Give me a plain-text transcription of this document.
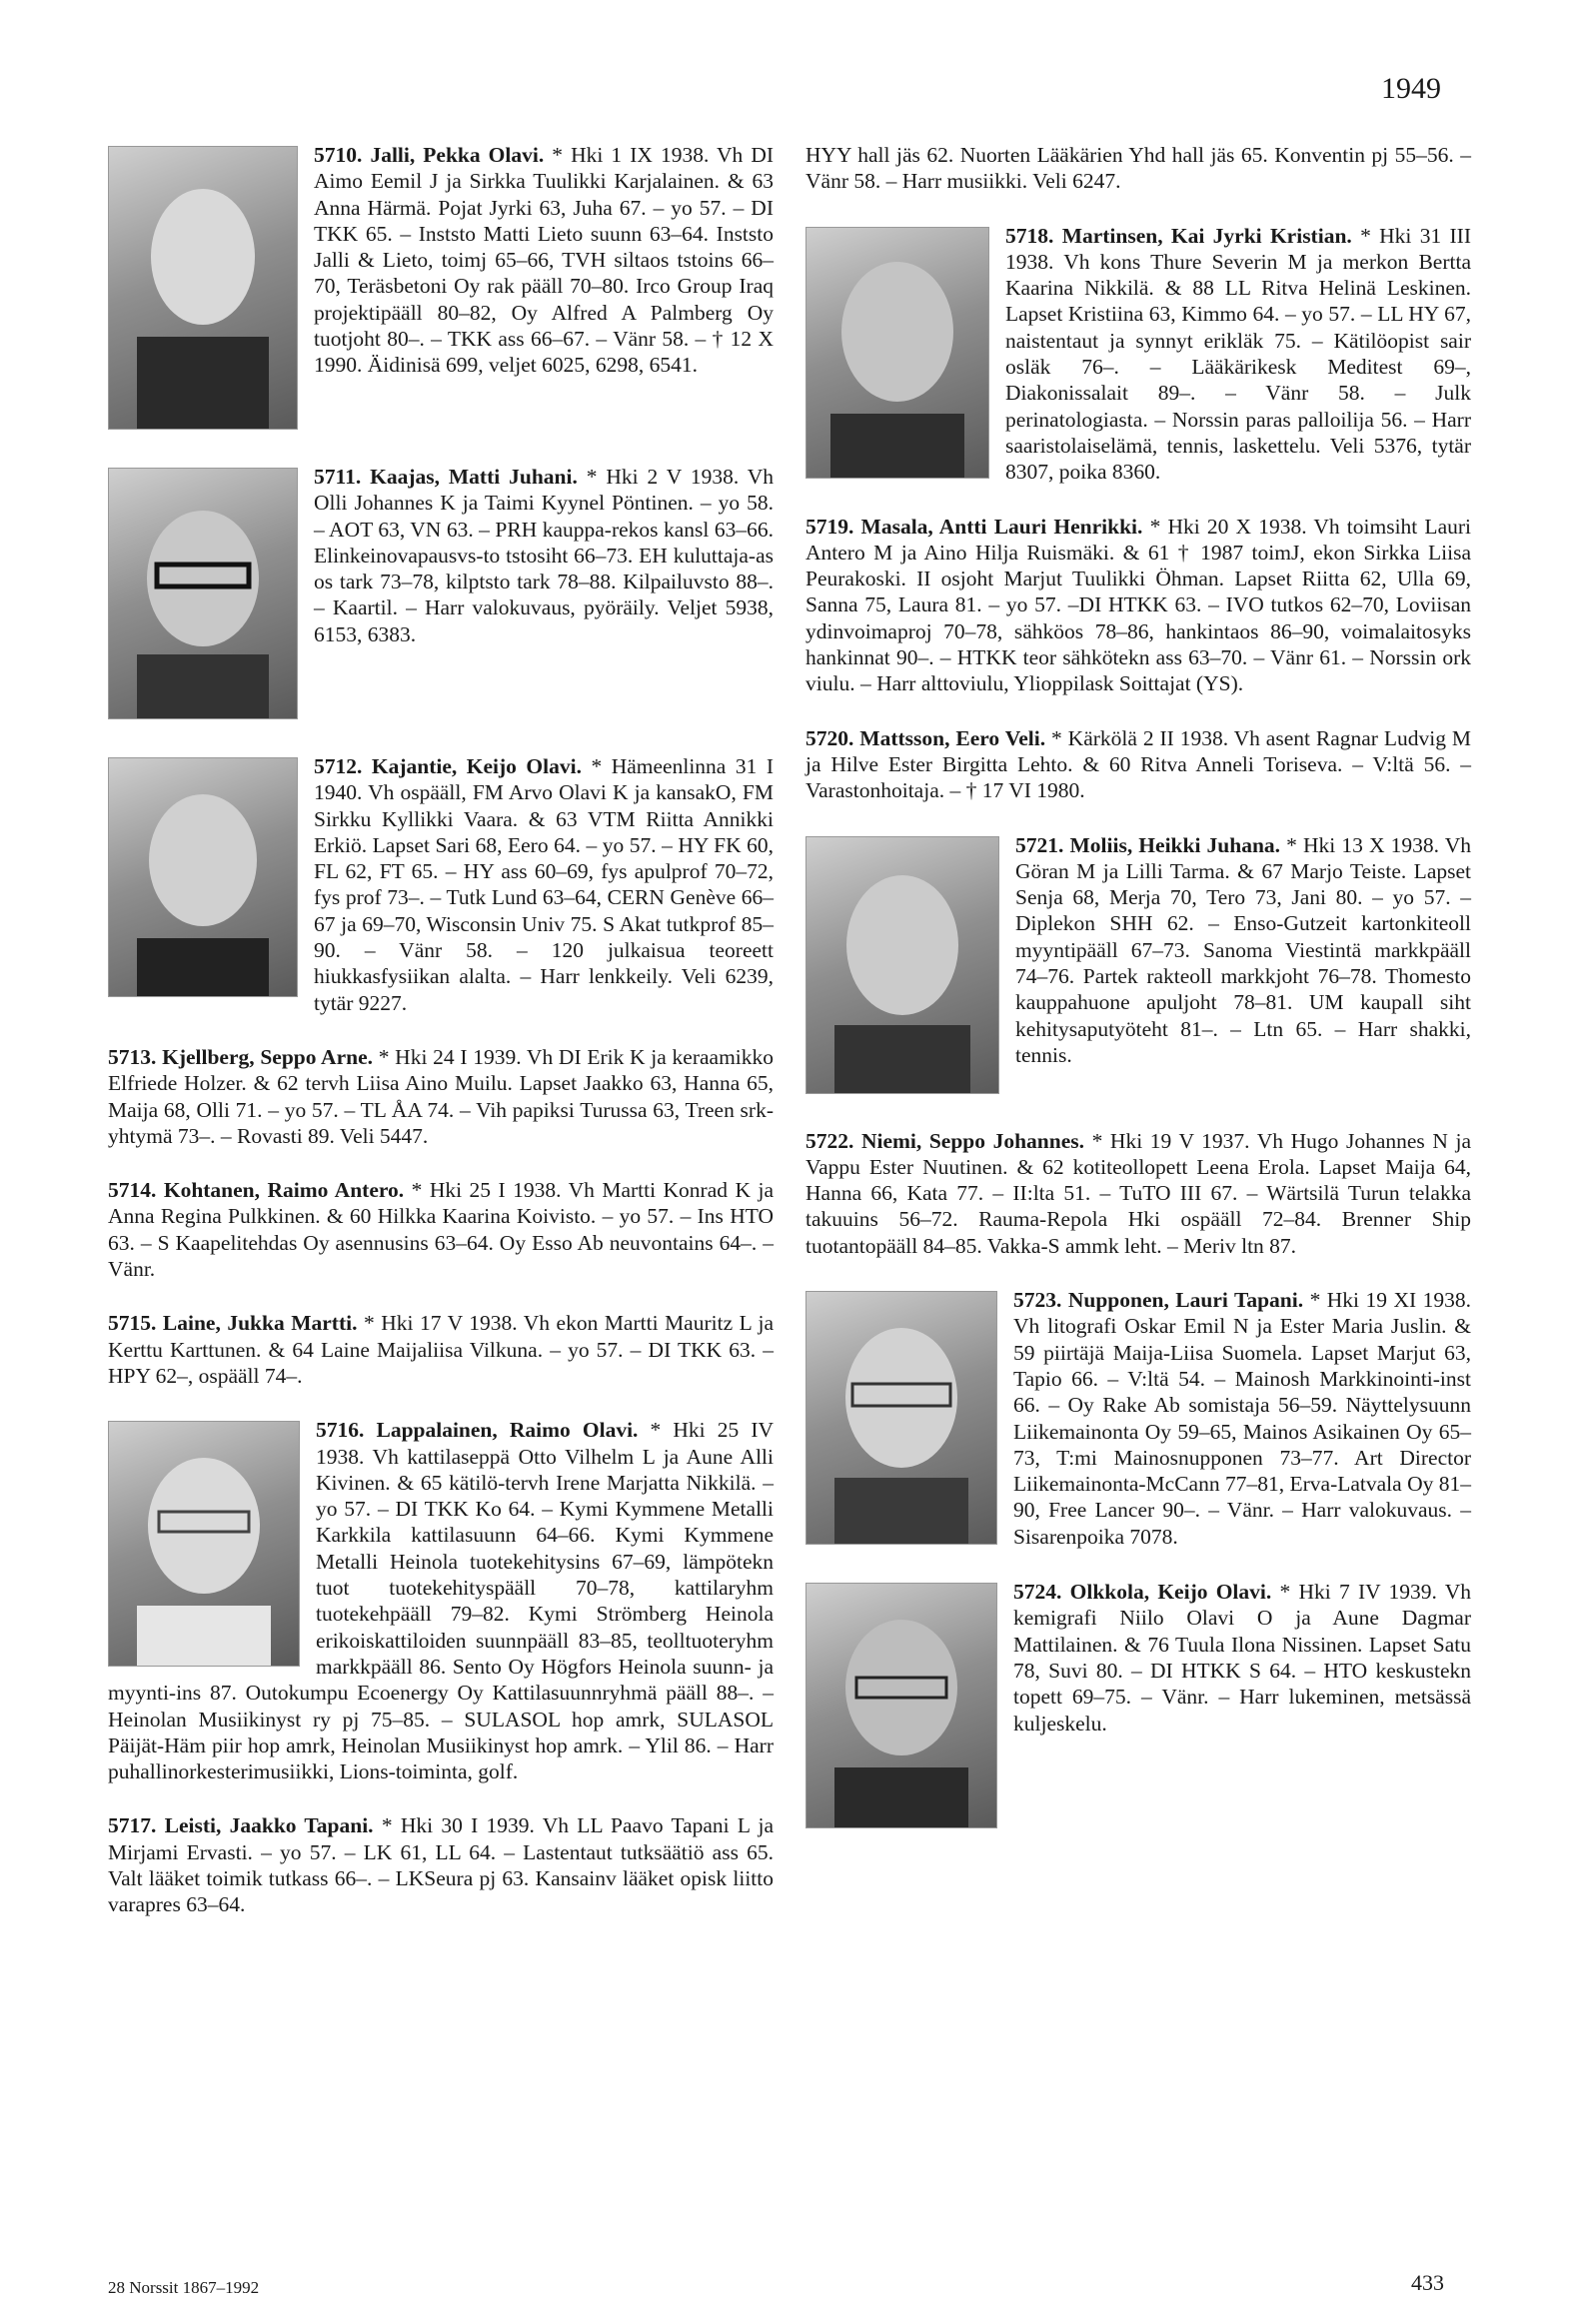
1949
5710. Jalli, Pekka Olavi. * Hki 1 IX 1938. Vh DI Aimo Eemil J ja Sirkka Tuulikki Karjalainen. & 63 Anna Härmä. Pojat Jyrki 63, Juha 67. – yo 57. – DI TKK 65. – Inststo Matti Lieto suunn 63–64. Inststo Jalli & Lieto, toimj 65–66, TVH siltaos tstoins 66–70, Teräsbetoni Oy rak pääll 70–80. Irco Group Iraq projektipääll 80–82, Oy Alfred A Palmberg Oy tuotjoht 80–. – TKK ass 66–67. – Vänr 58. – † 12 X 1990. Äidinisä 699, veljet 6025, 6298, 6541.
5711. Kaajas, Matti Juhani. * Hki 2 V 1938. Vh Olli Johannes K ja Taimi Kyynel Pöntinen. – yo 58. – AOT 63, VN 63. – PRH kauppa-rekos kansl 63–66. Elinkeinovapausvs-to tstosiht 66–73. EH kuluttaja-as os tark 73–78, kilptsto tark 78–88. Kilpailuvsto 88–. – Kaartil. – Harr valokuvaus, pyöräily. Veljet 5938, 6153, 6383.
5712. Kajantie, Keijo Olavi. * Hämeenlinna 31 I 1940. Vh ospääll, FM Arvo Olavi K ja kansakO, FM Sirkku Kyllikki Vaara. & 63 VTM Riitta Annikki Erkiö. Lapset Sari 68, Eero 64. – yo 57. – HY FK 60, FL 62, FT 65. – HY ass 60–69, fys apulprof 70–72, fys prof 73–. – Tutk Lund 63–64, CERN Genève 66–67 ja 69–70, Wisconsin Univ 75. S Akat tutkprof 85–90. – Vänr 58. – 120 julkaisua teoreett hiukkasfysiikan alalta. – Harr lenkkeily. Veli 6239, tytär 9227.
5713. Kjellberg, Seppo Arne. * Hki 24 I 1939. Vh DI Erik K ja keraamikko Elfriede Holzer. & 62 tervh Liisa Aino Muilu. Lapset Jaakko 63, Hanna 65, Maija 68, Olli 71. – yo 57. – TL ÅA 74. – Vih papiksi Turussa 63, Treen srk-yhtymä 73–. – Rovasti 89. Veli 5447.
5714. Kohtanen, Raimo Antero. * Hki 25 I 1938. Vh Martti Konrad K ja Anna Regina Pulkkinen. & 60 Hilkka Kaarina Koivisto. – yo 57. – Ins HTO 63. – S Kaapelitehdas Oy asennusins 63–64. Oy Esso Ab neuvontains 64–. – Vänr.
5715. Laine, Jukka Martti. * Hki 17 V 1938. Vh ekon Martti Mauritz L ja Kerttu Karttunen. & 64 Laine Maijaliisa Vilkuna. – yo 57. – DI TKK 63. – HPY 62–, ospääll 74–.
5716. Lappalainen, Raimo Olavi. * Hki 25 IV 1938. Vh kattilaseppä Otto Vilhelm L ja Aune Alli Kivinen. & 65 kätilö-tervh Irene Marjatta Nikkilä. – yo 57. – DI TKK Ko 64. – Kymi Kymmene Metalli Karkkila kattilasuunn 64–66. Kymi Kymmene Metalli Heinola tuotekehitysins 67–69, lämpötekn tuot tuotekehityspääll 70–78, kattilaryhm tuotekehpääll 79–82. Kymi Strömberg Heinola erikoiskattiloiden suunnpääll 83–85, teolltuoteryhm markkpääll 86. Sento Oy Högfors Heinola suunn- ja myynti-ins 87. Outokumpu Ecoenergy Oy Kattilasuunnryhmä pääll 88–. – Heinolan Musiikinyst ry pj 75–85. – SULASOL hop amrk, SULASOL Päijät-Häm piir hop amrk, Heinolan Musiikinyst hop amrk. – Ylil 86. – Harr puhallinorkesterimusiikki, Lions-toiminta, golf.
5717. Leisti, Jaakko Tapani. * Hki 30 I 1939. Vh LL Paavo Tapani L ja Mirjami Ervasti. – yo 57. – LK 61, LL 64. – Lastentaut tutksäätiö ass 65. Valt lääket toimik tutkass 66–. – LKSeura pj 63. Kansainv lääket opisk liitto varapres 63–64.
HYY hall jäs 62. Nuorten Lääkärien Yhd hall jäs 65. Konventin pj 55–56. – Vänr 58. – Harr musiikki. Veli 6247.
5718. Martinsen, Kai Jyrki Kristian. * Hki 31 III 1938. Vh kons Thure Severin M ja merkon Bertta Kaarina Nikkilä. & 88 LL Ritva Helinä Leskinen. Lapset Kristiina 63, Kimmo 64. – yo 57. – LL HY 67, naistentaut ja synnyt erikläk 75. – Kätilöopist sair osläk 76–. – Lääkärikesk Meditest 69–, Diakonissalait 89–. – Vänr 58. – Julk perinatologiasta. – Norssin paras palloilija 56. – Harr saaristolaiselämä, tennis, laskettelu. Veli 5376, tytär 8307, poika 8360.
5719. Masala, Antti Lauri Henrikki. * Hki 20 X 1938. Vh toimsiht Lauri Antero M ja Aino Hilja Ruismäki. & 61 † 1987 toimJ, ekon Sirkka Liisa Peurakoski. II osjoht Marjut Tuulikki Öhman. Lapset Riitta 62, Ulla 69, Sanna 75, Laura 81. – yo 57. –DI HTKK 63. – IVO tutkos 62–70, Loviisan ydinvoimaproj 70–78, sähköos 78–86, hankintaos 86–90, voimalaitosyks hankinnat 90–. – HTKK teor sähkötekn ass 63–70. – Vänr 61. – Norssin ork viulu. – Harr alttoviulu, Ylioppilask Soittajat (YS).
5720. Mattsson, Eero Veli. * Kärkölä 2 II 1938. Vh asent Ragnar Ludvig M ja Hilve Ester Birgitta Lehto. & 60 Ritva Anneli Toriseva. – V:ltä 56. – Varastonhoitaja. – † 17 VI 1980.
5721. Moliis, Heikki Juhana. * Hki 13 X 1938. Vh Göran M ja Lilli Tarma. & 67 Marjo Teiste. Lapset Senja 68, Merja 70, Tero 73, Jani 80. – yo 57. – Diplekon SHH 62. – Enso-Gutzeit kartonkiteoll myyntipääll 67–73. Sanoma Viestintä markkpääll 74–76. Partek rakteoll markkjoht 76–78. Thomesto kauppahuone apuljoht 78–81. UM kaupall siht kehitysaputyöteht 81–. – Ltn 65. – Harr shakki, tennis.
5722. Niemi, Seppo Johannes. * Hki 19 V 1937. Vh Hugo Johannes N ja Vappu Ester Nuutinen. & 62 kotiteollopett Leena Erola. Lapset Maija 64, Hanna 66, Kata 77. – II:lta 51. – TuTO III 67. – Wärtsilä Turun telakka takuuins 56–72. Rauma-Repola Hki ospääll 72–84. Brenner Ship tuotantopääll 84–85. Vakka-S ammk leht. – Meriv ltn 87.
5723. Nupponen, Lauri Tapani. * Hki 19 XI 1938. Vh litografi Oskar Emil N ja Ester Maria Juslin. & 59 piirtäjä Maija-Liisa Suomela. Lapset Marjut 63, Tapio 66. – V:ltä 54. – Mainosh Markkinointi-inst 66. – Oy Rake Ab somistaja 56–59. Näyttelysuunn Liikemainonta Oy 59–65, Mainos Asikainen Oy 65–73, T:mi Mainosnupponen 73–77. Art Director Liikemainonta-McCann 77–81, Erva-Latvala Oy 81–90, Free Lancer 90–. – Vänr. – Harr valokuvaus. – Sisarenpoika 7078.
5724. Olkkola, Keijo Olavi. * Hki 7 IV 1939. Vh kemigrafi Niilo Olavi O ja Aune Dagmar Mattilainen. & 76 Tuula Ilona Nissinen. Lapset Satu 78, Suvi 80. – DI HTKK S 64. – HTO keskustekn topett 69–75. – Vänr. – Harr lukeminen, metsässä kuljeskelu.
28 Norssit 1867–1992	433
